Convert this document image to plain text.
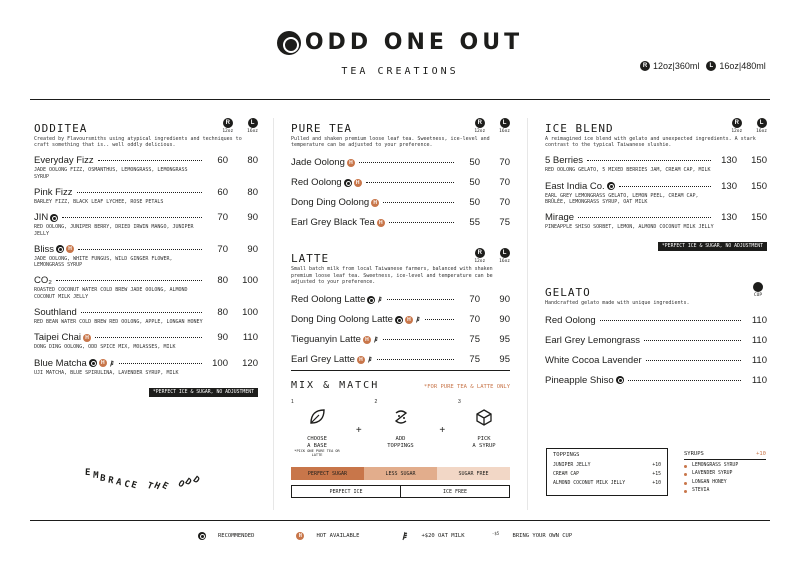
ODD ONE OUT
TEA CREATIONS	R 12oz|360ml	L 16oz|480ml
ODDITEA	R
12oz
L
16oz
Created by Flavoursmiths using atypical ingredients and techniques to craft something that is.. well oddly delicious.
Everyday Fizz	60	80
JADE OOLONG FIZZ, OSMANTHUS, LEMONGRASS, LEMONGRASS SYRUP
Pink Fizz	60	80
BARLEY FIZZ, BLACK LEAF LYCHEE, ROSE PETALS
JIN	70	90
RED OOLONG, JUNIPER BERRY, DRIED IRWIN MANGO, JUNIPER JELLY
Bliss	H	70	90
JADE OOLONG, WHITE FUNGUS, WILD GINGER FLOWER, LEMONGRASS SYRUP
CO₂	80	100
ROASTED COCONUT WATER COLD BREW JADE OOLONG, ALMOND COCONUT MILK JELLY
Southland	80	100
RED BEAN WATER COLD BREW RED OOLONG, APPLE, LONGAN HONEY
Taipei Chai H	90	110
DONG DING OOLONG, ODD SPICE MIX, MOLASSES, MILK
Blue Matcha	H	100	120
UJI MATCHA, BLUE SPIRULINA, LAVENDER SYRUP, MILK
*PERFECT ICE & SUGAR, NO ADJUSTMENT
PURE TEA	R
12oz
L
16oz
Pulled and shaken premium loose leaf tea. Sweetness, ice-level and temperature can be adjusted to your preference.
Jade Oolong H	50	70
Red Oolong	H	50	70
Dong Ding Oolong H	50	70
Earl Grey Black Tea H	55	75
LATTE	R
12oz
L
16oz
Small batch milk from local Taiwanese farmers, balanced with shaken premium loose leaf tea. Sweetness, ice-level and temperature can be adjusted to your preference.
Red Oolong Latte	70	90
Dong Ding Oolong Latte	H	70	90
Tieguanyin Latte H	75	95
Earl Grey Latte H	75	95
MIX & MATCH	*FOR PURE TEA & LATTE ONLY
1
CHOOSE
A BASE
*PICK ONE PURE TEA OR LATTE
+
2
ADD
TOPPINGS
+
3
PICK
A SYRUP
PERFECT SUGAR	LESS SUGAR	SUGAR FREE
PERFECT ICE	ICE FREE
ICE BLEND	R
12oz
L
16oz
A reimagined ice blend with gelato and unexpected ingredients. A stark contrast to the typical Taiwanese slushie.
5 Berries	130	150
RED OOLONG GELATO, 5 MIXED BERRIES JAM, CREAM CAP, MILK
East India Co.	130	150
EARL GREY LEMONGRASS GELATO, LEMON PEEL, CREAM CAP, BRÛLÉE, LEMONGRASS SYRUP, OAT MILK
Mirage	130	150
PINEAPPLE SHISO SORBET, LEMON, ALMOND COCONUT MILK JELLY
*PERFECT ICE & SUGAR, NO ADJUSTMENT
GELATO	CUP
Handcrafted gelato made with unique ingredients.
Red Oolong	110
Earl Grey Lemongrass	110
White Cocoa Lavender	110
Pineapple Shiso	110
TOPPINGS
JUNIPER JELLY	+10
CREAM CAP	+15
ALMOND COCONUT MILK JELLY	+10
SYRUPS	+10
LEMONGRASS SYRUP
LAVENDER SYRUP
LONGAN HONEY
STEVIA
E M B
R
A
C
E T
H
E O
D
D
RECOMMENDED	H	HOT AVAILABLE	+$20 OAT MILK	-$5 BRING YOUR OWN CUP
